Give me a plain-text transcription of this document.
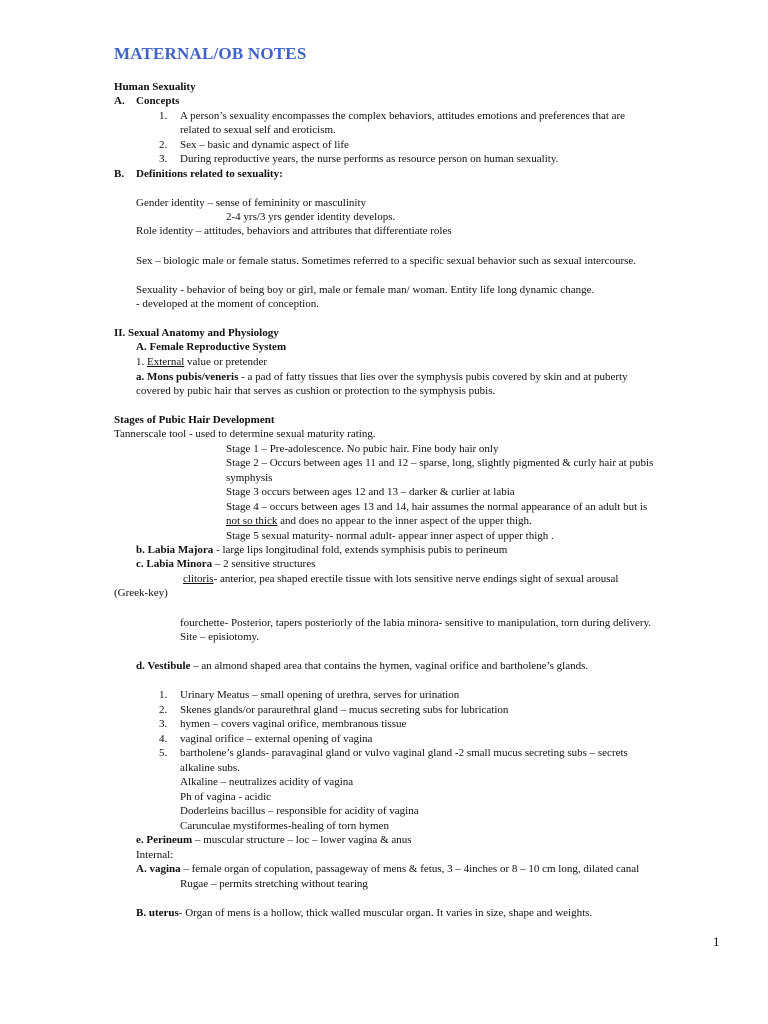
MATERNAL/OB NOTES
Human Sexuality
A. Concepts
1. A person’s sexuality encompasses the complex behaviors, attitudes emotions and preferences that are
related to sexual self and eroticism.
2. Sex – basic and dynamic aspect of life
3. During reproductive years, the nurse performs as resource person on human sexuality.
B. Definitions related to sexuality:
Gender identity – sense of femininity or masculinity
2-4 yrs/3 yrs gender identity develops.
Role identity – attitudes, behaviors and attributes that differentiate roles
Sex – biologic male or female status. Sometimes referred to a specific sexual behavior such as sexual intercourse.
Sexuality - behavior of being boy or girl, male or female man/ woman. Entity life long dynamic change.
- developed at the moment of conception.
II. Sexual Anatomy and Physiology
A. Female Reproductive System
1. External value or pretender
a. Mons pubis/veneris - a pad of fatty tissues that lies over the symphysis pubis covered by skin and at puberty
covered by pubic hair that serves as cushion or protection to the symphysis pubis.
Stages of Pubic Hair Development
Tannerscale tool - used to determine sexual maturity rating.
Stage 1 – Pre-adolescence. No pubic hair. Fine body hair only
Stage 2 – Occurs between ages 11 and 12 – sparse, long, slightly pigmented & curly hair at pubis
symphysis
Stage 3 occurs between ages 12 and 13 – darker & curlier at labia
Stage 4 – occurs between ages 13 and 14, hair assumes the normal appearance of an adult but is
not so thick and does no appear to the inner aspect of the upper thigh.
Stage 5 sexual maturity- normal adult- appear inner aspect of upper thigh .
b. Labia Majora - large lips longitudinal fold, extends symphisis pubis to perineum
c. Labia Minora – 2 sensitive structures
clitoris- anterior, pea shaped erectile tissue with lots sensitive nerve endings sight of sexual arousal
(Greek-key)
fourchette- Posterior, tapers posteriorly of the labia minora- sensitive to manipulation, torn during delivery.
Site – episiotomy.
d. Vestibule – an almond shaped area that contains the hymen, vaginal orifice and bartholene’s glands.
1. Urinary Meatus – small opening of urethra, serves for urination
2. Skenes glands/or paraurethral gland – mucus secreting subs for lubrication
3. hymen – covers vaginal orifice, membranous tissue
4. vaginal orifice – external opening of vagina
5. bartholene’s glands- paravaginal gland or vulvo vaginal gland -2 small mucus secreting subs – secrets
alkaline subs.
Alkaline – neutralizes acidity of vagina
Ph of vagina - acidic
Doderleins bacillus – responsible for acidity of vagina
Carunculae mystiformes-healing of torn hymen
e. Perineum – muscular structure – loc – lower vagina & anus
Internal:
A. vagina – female organ of copulation, passageway of mens & fetus, 3 – 4inches or 8 – 10 cm long, dilated canal
Rugae – permits stretching without tearing
B. uterus- Organ of mens is a hollow, thick walled muscular organ. It varies in size, shape and weights.
1
